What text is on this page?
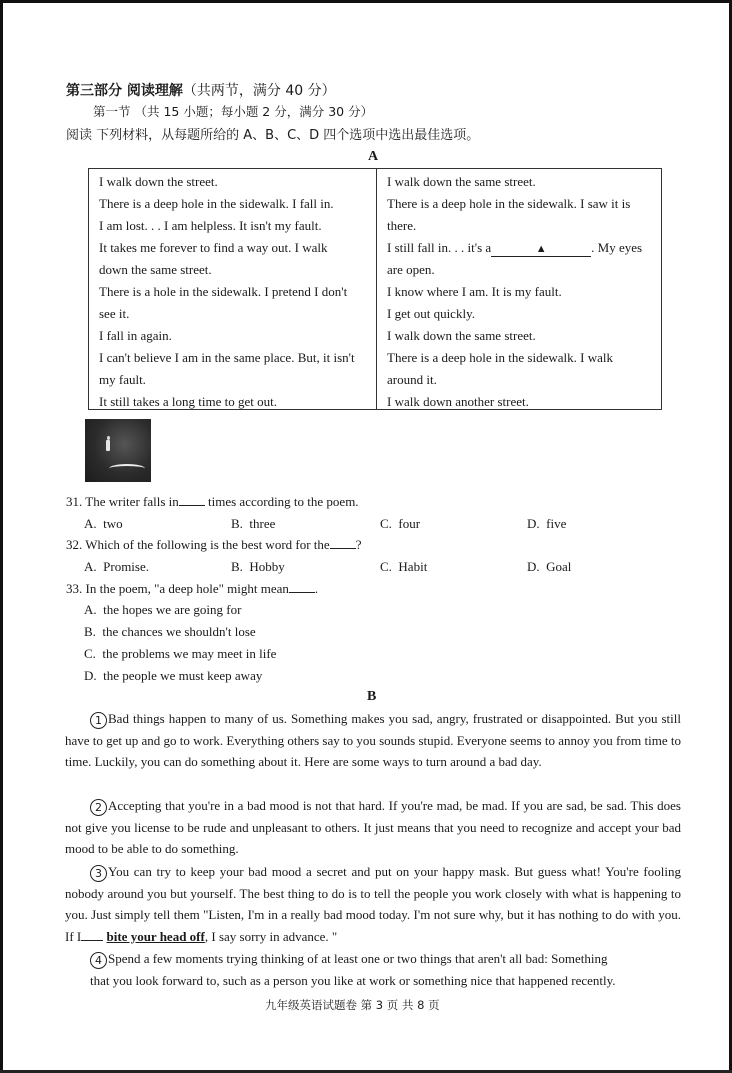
第三部分 阅读理解（共两节，满分 40 分）
第一节 （共 15 小题；每小题 2 分，满分 30 分）
阅读 下列材料，从每题所给的 A、B、C、D 四个选项中选出最佳选项。
A
I walk down the street.
There is a deep hole in the sidewalk. I fall in.
I am lost. . . I am helpless. It isn't my fault.
It takes me forever to find a way out. I walk
down the same street.
There is a hole in the sidewalk. I pretend I don't
see it.
I fall in again.
I can't believe I am in the same place. But, it isn't
my fault.
It still takes a long time to get out.
I walk down the same street.
There is a deep hole in the sidewalk. I saw it is
there.
I still fall in. . . it's a	▲	. My eyes
are open.
I know where I am. It is my fault.
I get out quickly.
I walk down the same street.
There is a deep hole in the sidewalk. I walk
around it.
I walk down another street.
31. The writer falls in times according to the poem.
A. two	B. three	C. four	D. five
32. Which of the following is the best word for the ?
A. Promise.	B. Hobby	C. Habit	D. Goal
33. In the poem, "a deep hole" might mean .
A. the hopes we are going for
B. the chances we shouldn't lose
C. the problems we may meet in life
D. the people we must keep away
B
1 Bad things happen to many of us. Something makes you sad, angry, frustrated or disappointed. But you still have to get up and go to work. Everything others say to you sounds stupid. Everyone seems to annoy you from time to time. Luckily, you can do something about it. Here are some ways to turn around a bad day.
2 Accepting that you're in a bad mood is not that hard. If you're mad, be mad. If you are sad, be sad. This does not give you license to be rude and unpleasant to others. It just means that you need to recognize and accept your bad mood to be able to do something.
3 You can try to keep your bad mood a secret and put on your happy mask. But guess what! You're fooling nobody around you but yourself. The best thing to do is to tell the people you work closely with what is happening to you. Just simply tell them "Listen, I'm in a really bad mood today. I'm not sure why, but it has nothing to do with you. If I bite your head off, I say sorry in advance. "
4 Spend a few moments trying thinking of at least one or two things that aren't all bad: Something
that you look forward to, such as a person you like at work or something nice that happened recently.
九年级英语试题卷 第 3 页 共 8 页
